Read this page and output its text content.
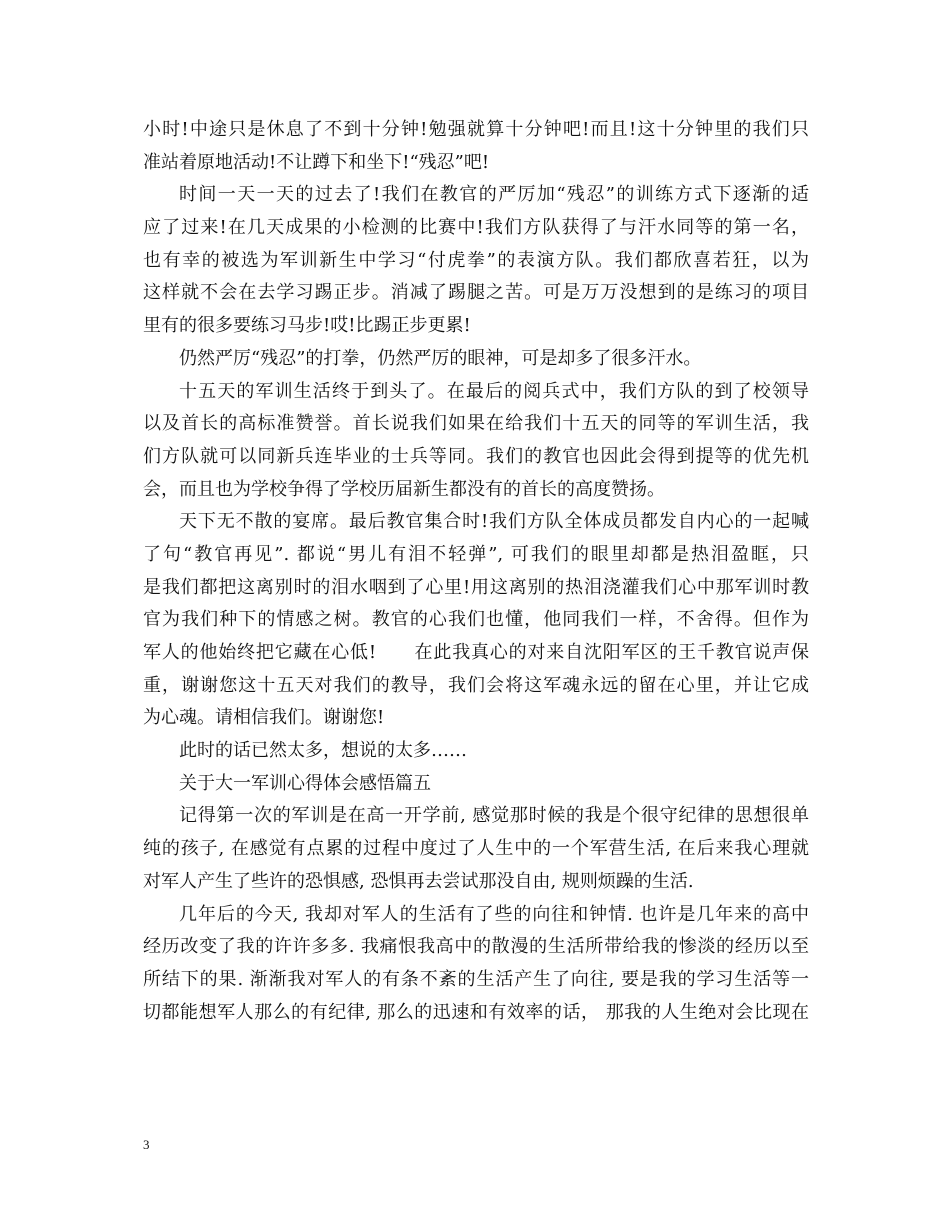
小时!中途只是休息了不到十分钟!勉强就算十分钟吧!而且!这十分钟里的我们只
准站着原地活动!不让蹲下和坐下!“残忍”吧!
时间一天一天的过去了!我们在教官的严厉加“残忍”的训练方式下逐渐的适
应了过来!在几天成果的小检测的比赛中!我们方队获得了与汗水同等的第一名，
也有幸的被选为军训新生中学习“付虎拳”的表演方队。我们都欣喜若狂，以为
这样就不会在去学习踢正步。消减了踢腿之苦。可是万万没想到的是练习的项目
里有的很多要练习马步!哎!比踢正步更累!
仍然严厉“残忍”的打拳，仍然严厉的眼神，可是却多了很多汗水。
十五天的军训生活终于到头了。在最后的阅兵式中，我们方队的到了校领导
以及首长的高标准赞誉。首长说我们如果在给我们十五天的同等的军训生活，我
们方队就可以同新兵连毕业的士兵等同。我们的教官也因此会得到提等的优先机
会，而且也为学校争得了学校历届新生都没有的首长的高度赞扬。
天下无不散的宴席。最后教官集合时!我们方队全体成员都发自内心的一起喊
了句“教官再见”. 都说“男儿有泪不轻弹”, 可我们的眼里却都是热泪盈眶，只
是我们都把这离别时的泪水咽到了心里!用这离别的热泪浇灌我们心中那军训时教
官为我们种下的情感之树。教官的心我们也懂，他同我们一样，不舍得。但作为
军人的他始终把它藏在心低!　　在此我真心的对来自沈阳军区的王千教官说声保
重，谢谢您这十五天对我们的教导，我们会将这军魂永远的留在心里，并让它成
为心魂。请相信我们。谢谢您!
此时的话已然太多，想说的太多……
关于大一军训心得体会感悟篇五
记得第一次的军训是在高一开学前, 感觉那时候的我是个很守纪律的思想很单
纯的孩子, 在感觉有点累的过程中度过了人生中的一个军营生活, 在后来我心理就
对军人产生了些许的恐惧感, 恐惧再去尝试那没自由, 规则烦躁的生活.
几年后的今天, 我却对军人的生活有了些的向往和钟情. 也许是几年来的高中
经历改变了我的许许多多. 我痛恨我高中的散漫的生活所带给我的惨淡的经历以至
所结下的果. 渐渐我对军人的有条不紊的生活产生了向往, 要是我的学习生活等一
切都能想军人那么的有纪律, 那么的迅速和有效率的话， 那我的人生绝对会比现在
3
